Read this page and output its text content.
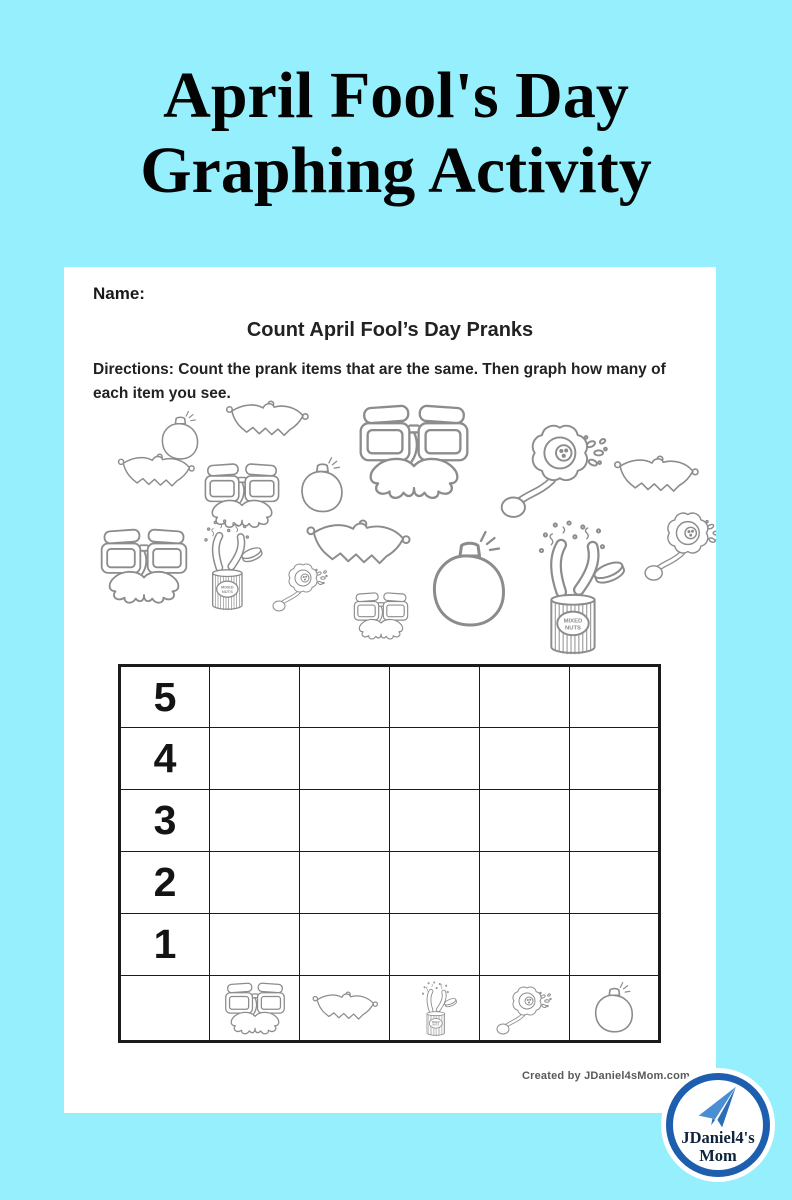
April Fool's Day
Graphing Activity
Name:
Count April Fool’s Day Pranks
Directions: Count the prank items that are the same. Then graph how many of each item you see.
5					
4					
3					
2					
1					

Created by JDaniel4sMom.com
JDaniel4's
Mom
